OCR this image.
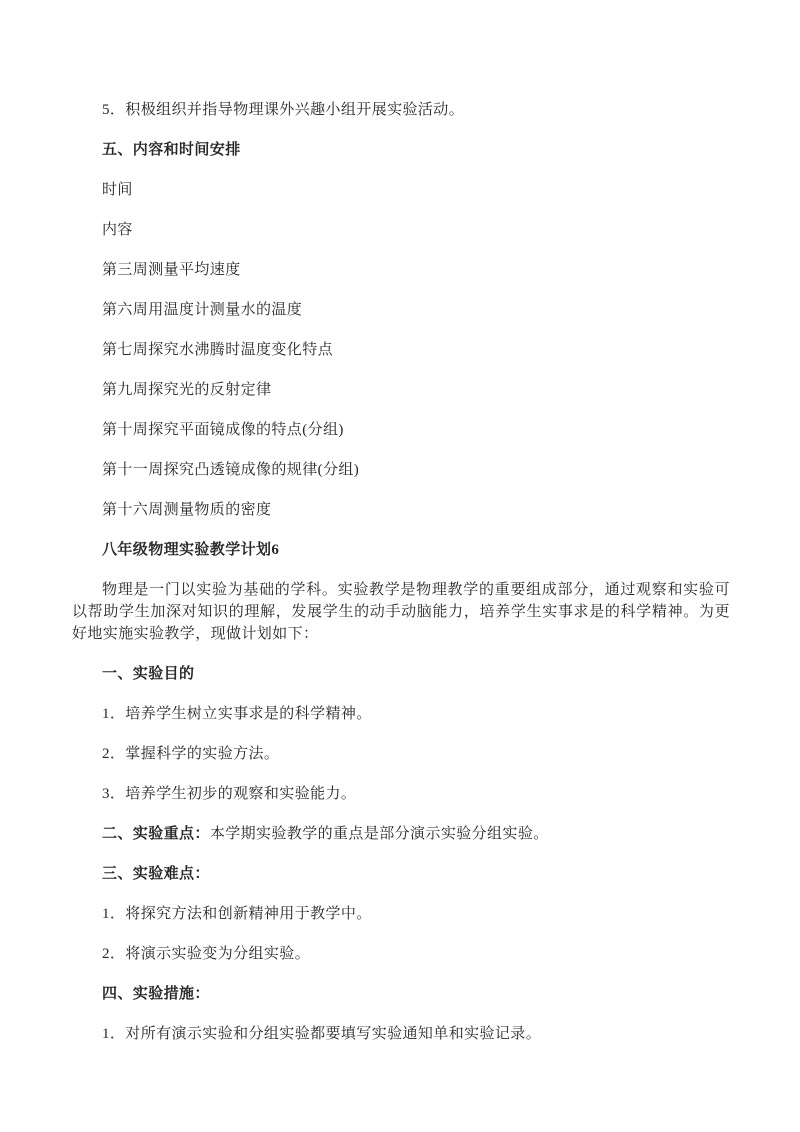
5．积极组织并指导物理课外兴趣小组开展实验活动。

五、内容和时间安排

时间

内容

第三周测量平均速度

第六周用温度计测量水的温度

第七周探究水沸腾时温度变化特点

第九周探究光的反射定律

第十周探究平面镜成像的特点(分组)

第十一周探究凸透镜成像的规律(分组)

第十六周测量物质的密度

八年级物理实验教学计划6

物理是一门以实验为基础的学科。实验教学是物理教学的重要组成部分，通过观察和实验可以帮助学生加深对知识的理解，发展学生的动手动脑能力，培养学生实事求是的科学精神。为更好地实施实验教学，现做计划如下：

一、实验目的

1．培养学生树立实事求是的科学精神。

2．掌握科学的实验方法。

3．培养学生初步的观察和实验能力。

二、实验重点：本学期实验教学的重点是部分演示实验分组实验。

三、实验难点：

1．将探究方法和创新精神用于教学中。

2．将演示实验变为分组实验。

四、实验措施：

1．对所有演示实验和分组实验都要填写实验通知单和实验记录。
